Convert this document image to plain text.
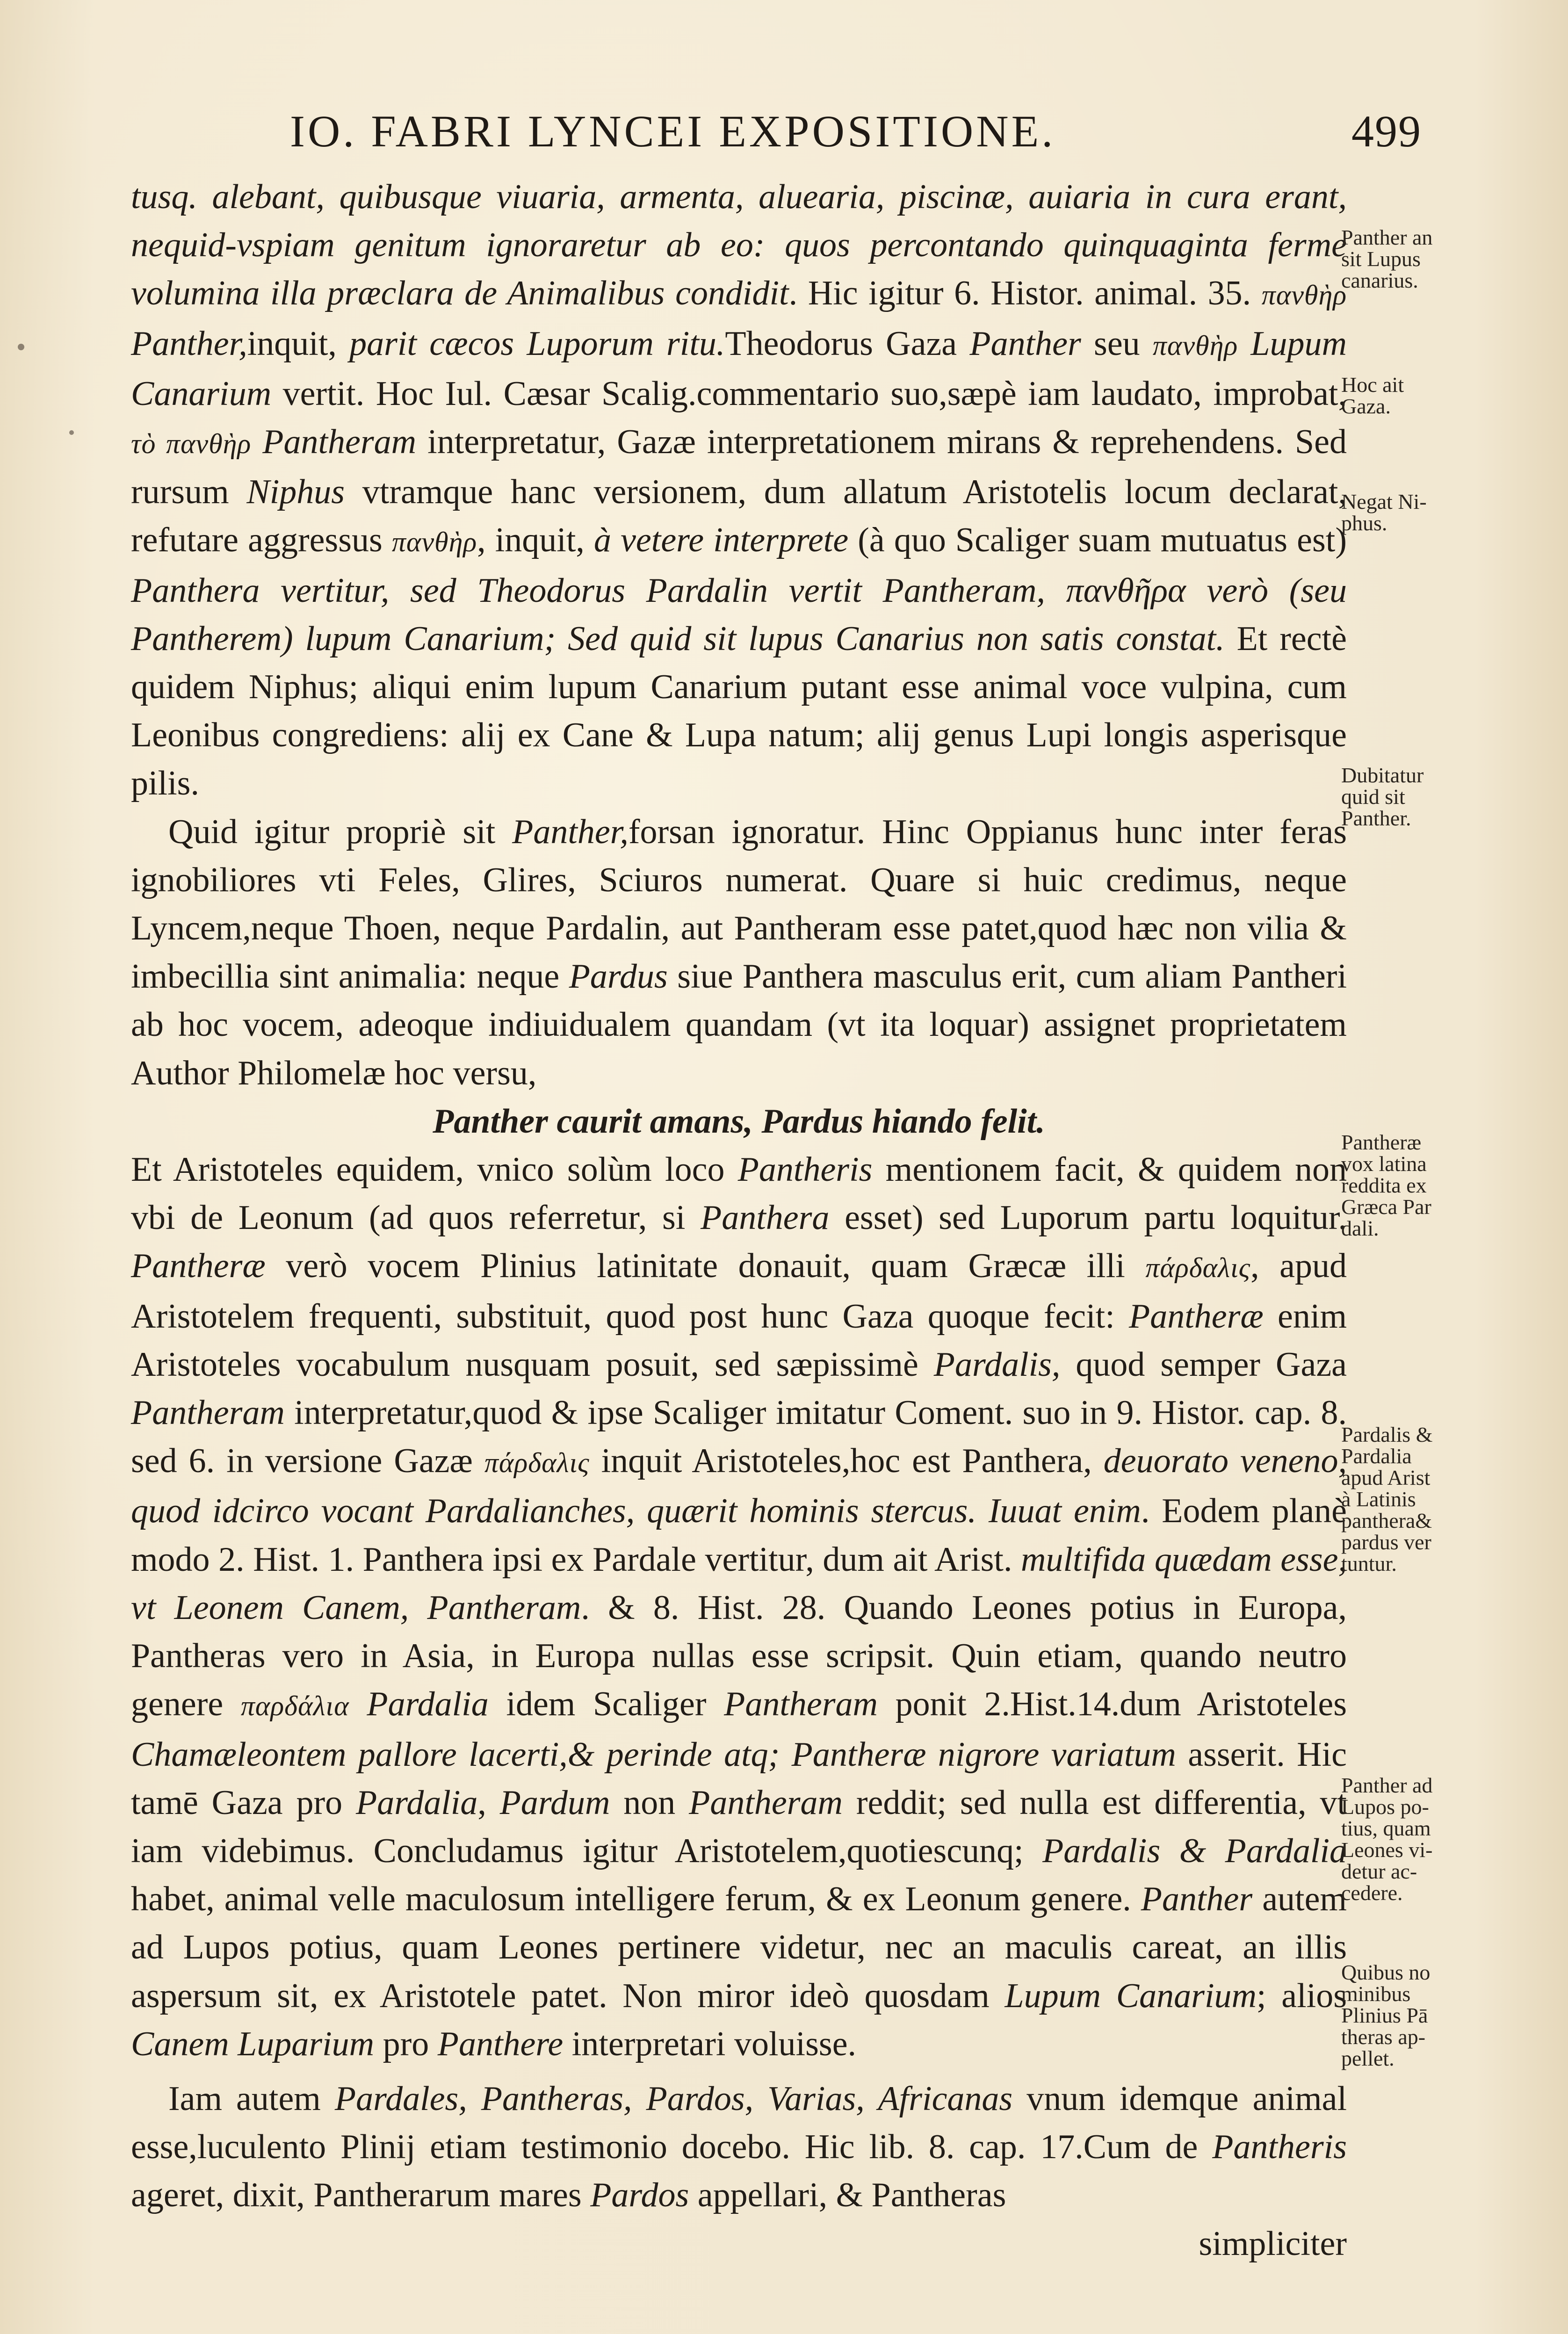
IO. FABRI LYNCEI EXPOSITIONE.	499

tusq. alebant, quibusque viuaria, armenta, aluearia, piscinæ, auiaria in cura erant, nequid-vspiam genitum ignoraretur ab eo: quos percontando quinquaginta ferme volumina illa præclara de Animalibus condidit. Hic igitur 6. Histor. animal. 35. πανθὴρ Panther,inquit, parit cæcos Luporum ritu.Theodorus Gaza Panther seu πανθὴρ Lupum Canarium vertit. Hoc Iul. Cæsar Scalig.commentario suo,sæpè iam laudato, improbat, τὸ πανθὴρ Pantheram interpretatur, Gazæ interpretationem mirans & reprehendens. Sed rursum Niphus vtramque hanc versionem, dum allatum Aristotelis locum declarat, refutare aggressus πανθὴρ, inquit, à vetere interprete (à quo Scaliger suam mutuatus est) Panthera vertitur, sed Theodorus Pardalin vertit Pantheram, πανθῆρα verò (seu Pantherem) lupum Canarium; Sed quid sit lupus Canarius non satis constat. Et rectè quidem Niphus; aliqui enim lupum Canarium putant esse animal voce vulpina, cum Leonibus congrediens: alij ex Cane & Lupa natum; alij genus Lupi longis asperisque pilis.

Quid igitur propriè sit Panther,forsan ignoratur. Hinc Oppianus hunc inter feras ignobiliores vti Feles, Glires, Sciuros numerat. Quare si huic credimus, neque Lyncem,neque Thoen, neque Pardalin, aut Pantheram esse patet,quod hæc non vilia & imbecillia sint animalia: neque Pardus siue Panthera masculus erit, cum aliam Pantheri ab hoc vocem, adeoque indiuidualem quandam (vt ita loquar) assignet proprietatem Author Philomelæ hoc versu,

Panther caurit amans, Pardus hiando felit.

Et Aristoteles equidem, vnico solùm loco Pantheris mentionem facit, & quidem non vbi de Leonum (ad quos referretur, si Panthera esset) sed Luporum partu loquitur. Pantheræ verò vocem Plinius latinitate donauit, quam Græcæ illi πάρδαλις, apud Aristotelem frequenti, substituit, quod post hunc Gaza quoque fecit: Pantheræ enim Aristoteles vocabulum nusquam posuit, sed sæpissimè Pardalis, quod semper Gaza Pantheram interpretatur,quod & ipse Scaliger imitatur Coment. suo in 9. Histor. cap. 8. sed 6. in versione Gazæ πάρδαλις inquit Aristoteles,hoc est Panthera, deuorato veneno, quod idcirco vocant Pardalianches, quærit hominis stercus. Iuuat enim. Eodem planè modo 2. Hist. 1. Panthera ipsi ex Pardale vertitur, dum ait Arist. multifida quædam esse, vt Leonem Canem, Pantheram. & 8. Hist. 28. Quando Leones potius in Europa, Pantheras vero in Asia, in Europa nullas esse scripsit. Quin etiam, quando neutro genere παρδάλια Pardalia idem Scaliger Pantheram ponit 2.Hist.14.dum Aristoteles Chamæleontem pallore lacerti,& perinde atq; Pantheræ nigrore variatum asserit. Hic tamē Gaza pro Pardalia, Pardum non Pantheram reddit; sed nulla est differentia, vt iam videbimus. Concludamus igitur Aristotelem,quotiescunq; Pardalis & Pardalia habet, animal velle maculosum intelligere ferum, & ex Leonum genere. Panther autem ad Lupos potius, quam Leones pertinere videtur, nec an maculis careat, an illis aspersum sit, ex Aristotele patet. Non miror ideò quosdam Lupum Canarium; alios Canem Luparium pro Panthere interpretari voluisse.

Iam autem Pardales, Pantheras, Pardos, Varias, Africanas vnum idemque animal esse,luculento Plinij etiam testimonio docebo. Hic lib. 8. cap. 17.Cum de Pantheris ageret, dixit, Pantherarum mares Pardos appellari, & Pantheras

simpliciter

Panther an
sit Lupus
canarius.
Hoc ait
Gaza.
Negat Ni-
phus.
Dubitatur
quid sit
Panther.
Pantheræ
vox latina
reddita ex
Græca Par
dali.
Pardalis &
Pardalia
apud Arist
à Latinis
panthera&
pardus ver
tuntur.
Panther ad
Lupos po-
tius, quam
Leones vi-
detur ac-
cedere.
Quibus no
minibus
Plinius Pā
theras ap-
pellet.
